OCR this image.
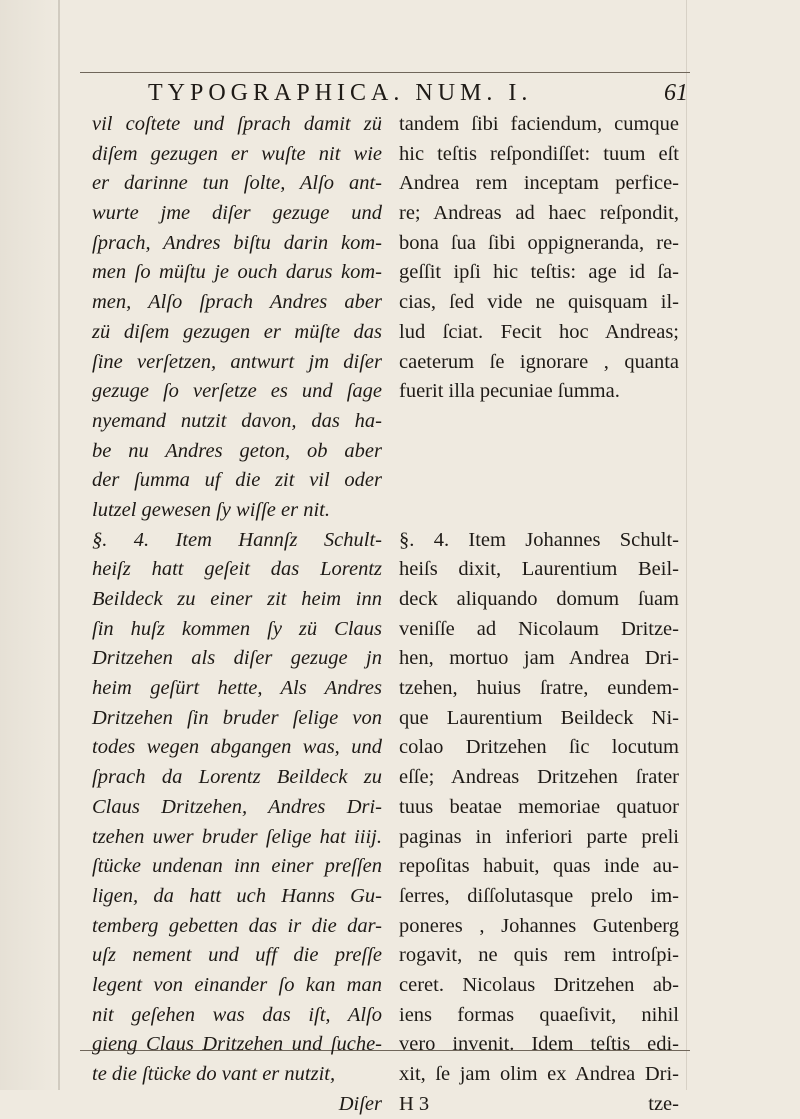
TYPOGRAPHICA. NUM. I.	61
vil coſtete und ſprach damit zü
diſem gezugen er wuſte nit wie
er darinne tun ſolte, Alſo ant-
wurte jme diſer gezuge und
ſprach, Andres biſtu darin kom-
men ſo müſtu je ouch darus kom-
men, Alſo ſprach Andres aber
zü diſem gezugen er müſte das
ſine verſetzen, antwurt jm diſer
gezuge ſo verſetze es und ſage
nyemand nutzit davon, das ha-
be nu Andres geton, ob aber
der ſumma uf die zit vil oder
lutzel gewesen ſy wiſſe er nit.
§. 4. Item Hannſz Schult-
heiſz hatt geſeit das Lorentz
Beildeck zu einer zit heim inn
ſin huſz kommen ſy zü Claus
Dritzehen als diſer gezuge jn
heim geſürt hette, Als Andres
Dritzehen ſin bruder ſelige von
todes wegen abgangen was, und
ſprach da Lorentz Beildeck zu
Claus Dritzehen, Andres Dri-
tzehen uwer bruder ſelige hat iiij.
ſtücke undenan inn einer preſſen
ligen, da hatt uch Hanns Gu-
temberg gebetten das ir die dar-
uſz nement und uff die preſſe
legent von einander ſo kan man
nit geſehen was das iſt, Alſo
gieng Claus Dritzehen und ſuche-
te die ſtücke do vant er nutzit,
Diſer
tandem ſibi faciendum, cumque
hic teſtis reſpondiſſet: tuum eſt
Andrea rem inceptam perfice-
re; Andreas ad haec reſpondit,
bona ſua ſibi oppigneranda, re-
geſſit ipſi hic teſtis: age id ſa-
cias, ſed vide ne quisquam il-
lud ſciat. Fecit hoc Andreas;
caeterum ſe ignorare , quanta
fuerit illa pecuniae ſumma.
§. 4. Item Johannes Schult-
heiſs dixit, Laurentium Beil-
deck aliquando domum ſuam
veniſſe ad Nicolaum Dritze-
hen, mortuo jam Andrea Dri-
tzehen, huius ſratre, eundem-
que Laurentium Beildeck Ni-
colao Dritzehen ſic locutum
eſſe; Andreas Dritzehen ſrater
tuus beatae memoriae quatuor
paginas in inferiori parte preli
repoſitas habuit, quas inde au-
ſerres, diſſolutasque prelo im-
poneres , Johannes Gutenberg
rogavit, ne quis rem introſpi-
ceret. Nicolaus Dritzehen ab-
iens formas quaeſivit, nihil
vero invenit. Idem teſtis edi-
xit, ſe jam olim ex Andrea Dri-
H 3	tze-
